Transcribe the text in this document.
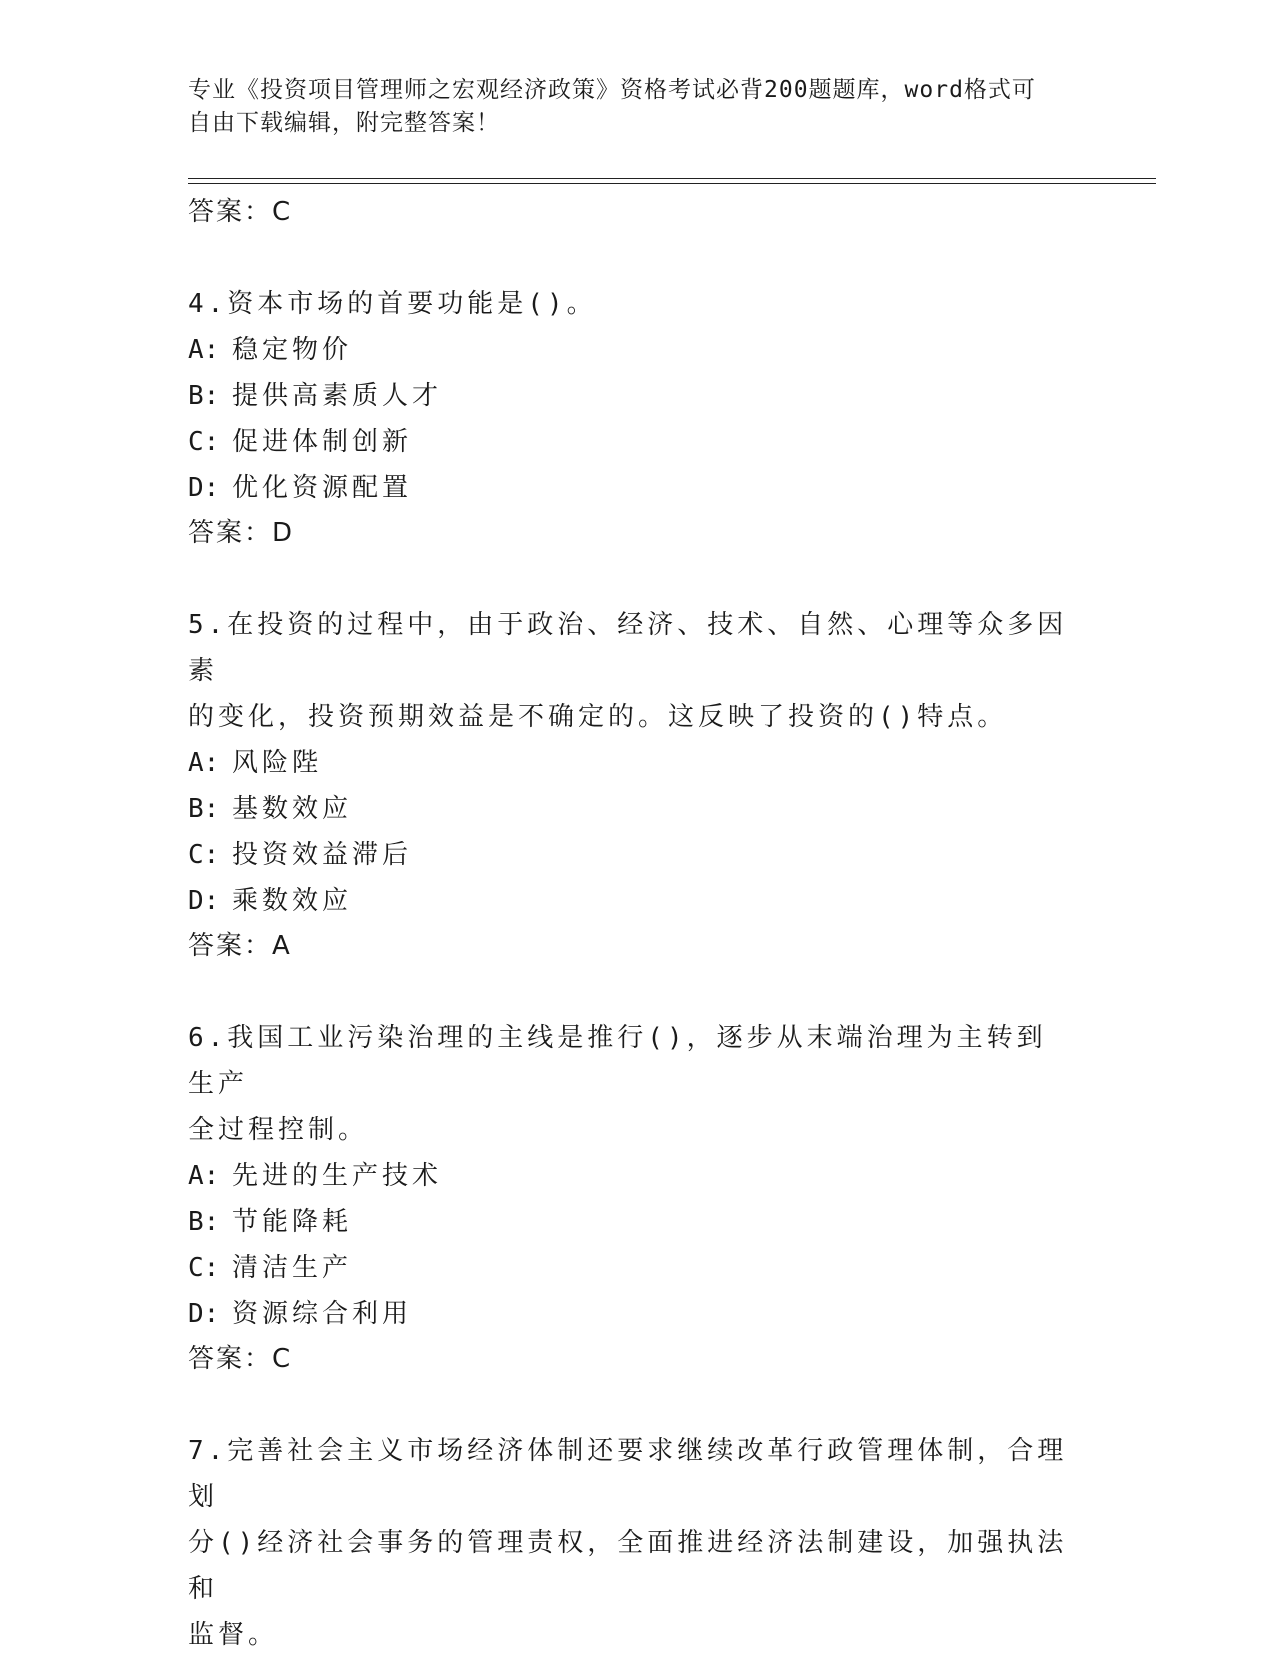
专业《投资项目管理师之宏观经济政策》资格考试必背200题题库，word格式可
自由下载编辑，附完整答案！
答案：C
4.资本市场的首要功能是()。
A: 稳定物价
B: 提供高素质人才
C: 促进体制创新
D: 优化资源配置
答案：D
5.在投资的过程中，由于政治、经济、技术、自然、心理等众多因素
的变化，投资预期效益是不确定的。这反映了投资的()特点。
A: 风险陛
B: 基数效应
C: 投资效益滞后
D: 乘数效应
答案：A
6.我国工业污染治理的主线是推行()，逐步从末端治理为主转到生产
全过程控制。
A: 先进的生产技术
B: 节能降耗
C: 清洁生产
D: 资源综合利用
答案：C
7.完善社会主义市场经济体制还要求继续改革行政管理体制，合理划
分()经济社会事务的管理责权，全面推进经济法制建设，加强执法和
监督。
